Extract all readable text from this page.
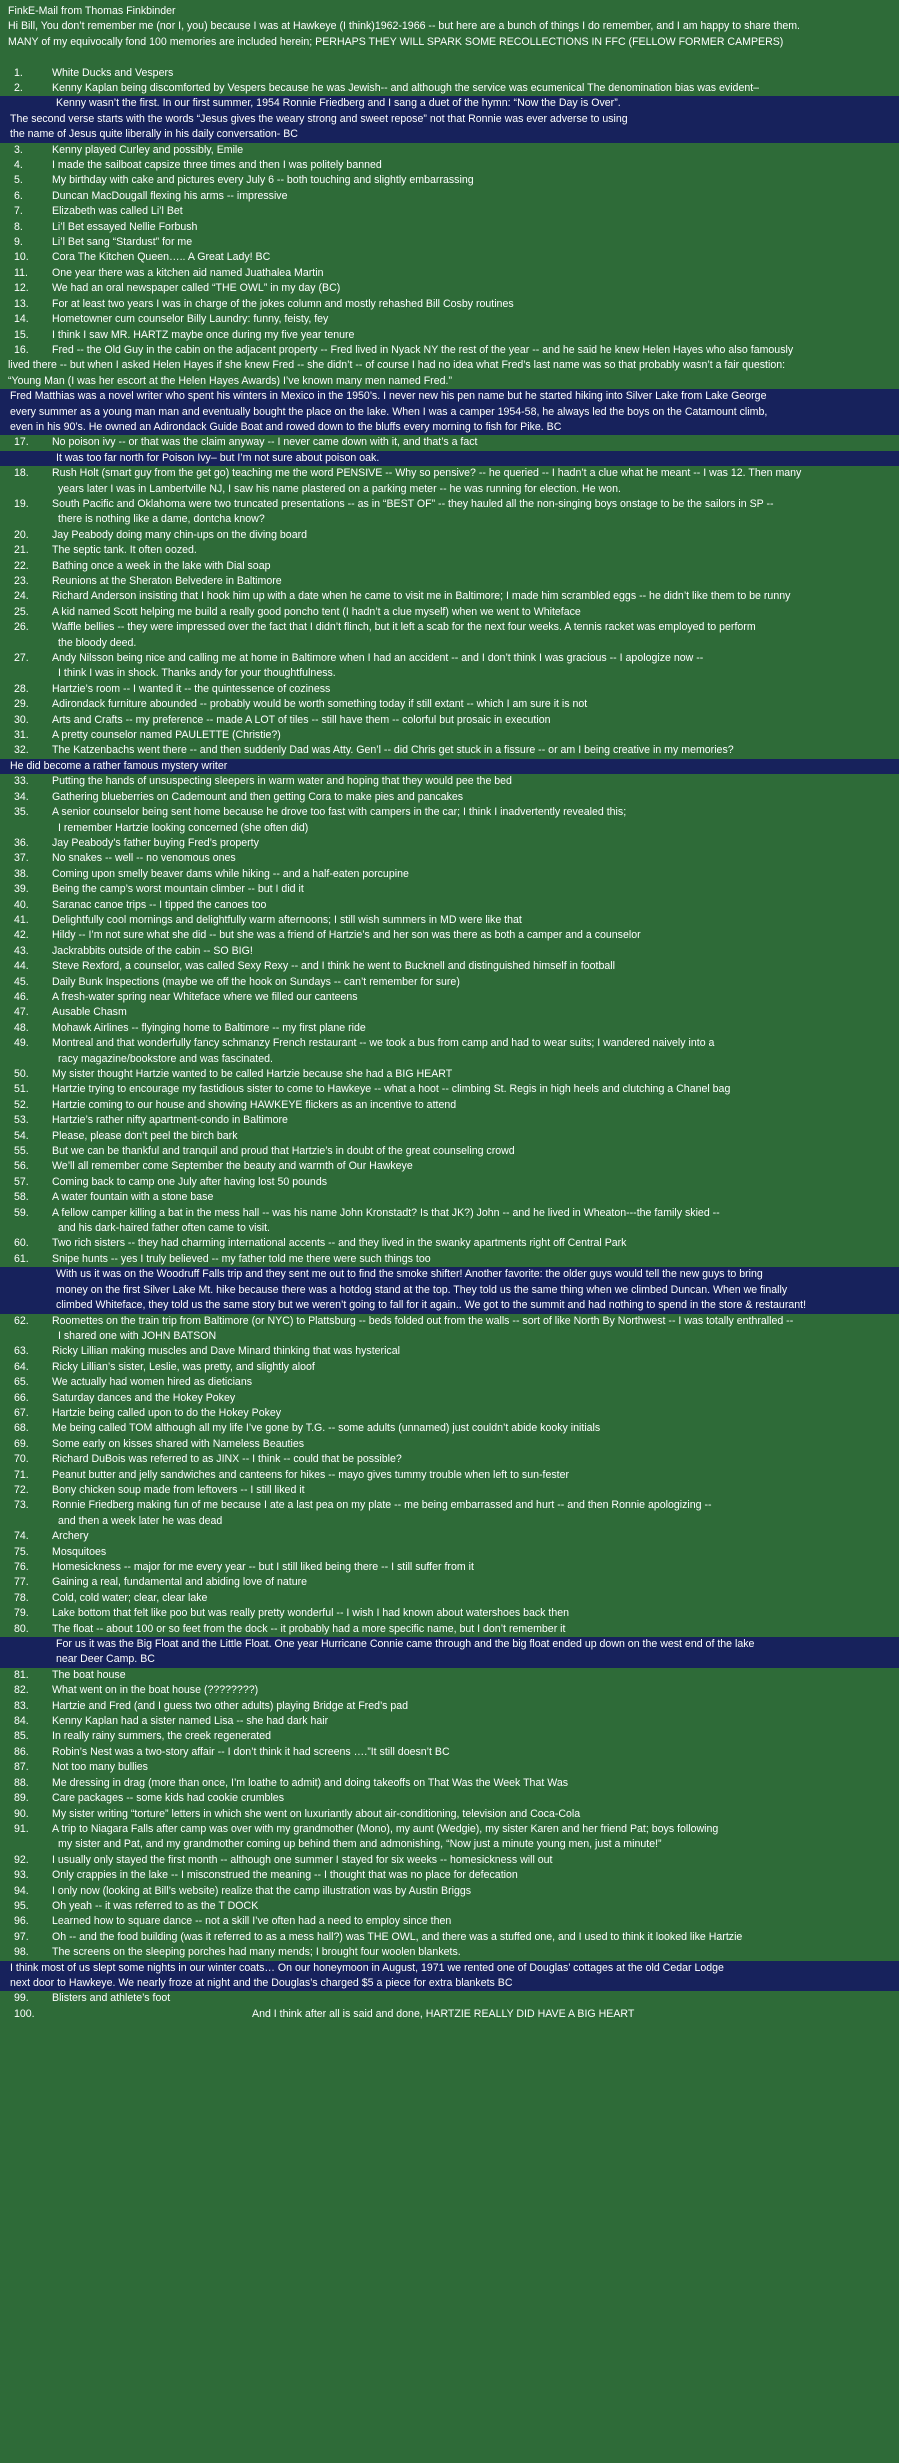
FinkE-Mail from Thomas Finkbinder
Hi Bill, You don’t remember me (nor I, you) because I was at Hawkeye (I think)1962-1966 -- but here are a bunch of things I do remember, and I am happy to share them.
MANY of my equivocally fond 100 memories are included herein; PERHAPS THEY WILL SPARK SOME RECOLLECTIONS IN FFC (FELLOW FORMER CAMPERS)
1.	White Ducks and Vespers
2.	Kenny Kaplan being discomforted by Vespers because he was Jewish-- and although the service was ecumenical The denomination bias was evident–
Kenny wasn’t the first. In our first summer, 1954 Ronnie Friedberg and I sang a duet of the hymn: “Now the Day is Over”.
The second verse starts with the words “Jesus gives the weary strong and sweet repose” not that Ronnie was ever adverse to using
the name of Jesus quite liberally in his daily conversation- BC
3.	Kenny played Curley and possibly, Emile
4.	I made the sailboat capsize three times and then I was politely banned
5.	My birthday with cake and pictures every July 6 -- both touching and slightly embarrassing
6.	Duncan MacDougall flexing his arms -- impressive
7.	Elizabeth was called Li’l Bet
8.	Li’l Bet essayed Nellie Forbush
9.	Li’l Bet sang “Stardust” for me
10.	Cora The Kitchen Queen….. A Great Lady! BC
11.	One year there was a kitchen aid named Juathalea Martin
12.	We had an oral newspaper called “THE OWL” in my day (BC)
13.	For at least two years I was in charge of the jokes column and mostly rehashed Bill Cosby routines
14.	Hometowner cum counselor Billy Laundry: funny, feisty, fey
15.	I think I saw MR. HARTZ maybe once during my five year tenure
16.	Fred -- the Old Guy in the cabin on the adjacent property -- Fred lived in Nyack NY the rest of the year -- and he said he knew Helen Hayes who also famously
lived there -- but when I asked Helen Hayes if she knew Fred -- she didn’t -- of course I had no idea what Fred’s last name was so that probably wasn’t a fair question:
“Young Man (I was her escort at the Helen Hayes Awards) I’ve known many men named Fred.”
Fred Matthias was a novel writer who spent his winters in Mexico in the 1950’s. I never new his pen name but he started hiking into Silver Lake from Lake George
every summer as a young man man and eventually bought the place on the lake. When I was a camper 1954-58, he always led the boys on the Catamount climb,
even in his 90’s. He owned an Adirondack Guide Boat and rowed down to the bluffs every morning to fish for Pike. BC
17.	No poison ivy -- or that was the claim anyway -- I never came down with it, and that’s a fact
It was too far north for Poison Ivy– but I’m not sure about poison oak.
18.	Rush Holt (smart guy from the get go) teaching me the word PENSIVE -- Why so pensive? -- he queried -- I hadn’t a clue what he meant -- I was 12. Then many
years later I was in Lambertville NJ, I saw his name plastered on a parking meter -- he was running for election. He won.
19.	South Pacific and Oklahoma were two truncated presentations -- as in “BEST OF” -- they hauled all the non-singing boys onstage to be the sailors in SP --
there is nothing like a dame, dontcha know?
20.	Jay Peabody doing many chin-ups on the diving board
21.	The septic tank. It often oozed.
22.	Bathing once a week in the lake with Dial soap
23.	Reunions at the Sheraton Belvedere in Baltimore
24.	Richard Anderson insisting that I hook him up with a date when he came to visit me in Baltimore; I made him scrambled eggs -- he didn’t like them to be runny
25.	A kid named Scott helping me build a really good poncho tent (I hadn’t a clue myself) when we went to Whiteface
26.	Waffle bellies -- they were impressed over the fact that I didn’t flinch, but it left a scab for the next four weeks. A tennis racket was employed to perform
the bloody deed.
27.	Andy Nilsson being nice and calling me at home in Baltimore when I had an accident -- and I don’t think I was gracious -- I apologize now --
I think I was in shock. Thanks andy for your thoughtfulness.
28.	Hartzie’s room -- I wanted it -- the quintessence of coziness
29.	Adirondack furniture abounded -- probably would be worth something today if still extant -- which I am sure it is not
30.	Arts and Crafts -- my preference -- made A LOT of tiles -- still have them -- colorful but prosaic in execution
31.	A pretty counselor named PAULETTE (Christie?)
32.	The Katzenbachs went there -- and then suddenly Dad was Atty. Gen’l -- did Chris get stuck in a fissure -- or am I being creative in my memories?
He did become a rather famous mystery writer
33.	Putting the hands of unsuspecting sleepers in warm water and hoping that they would pee the bed
34.	Gathering blueberries on Cademount and then getting Cora to make pies and pancakes
35.	A senior counselor being sent home because he drove too fast with campers in the car; I think I inadvertently revealed this;
I remember Hartzie looking concerned (she often did)
36.	Jay Peabody’s father buying Fred’s property
37.	No snakes -- well -- no venomous ones
38.	Coming upon smelly beaver dams while hiking -- and a half-eaten porcupine
39.	Being the camp’s worst mountain climber -- but I did it
40.	Saranac canoe trips -- I tipped the canoes too
41.	Delightfully cool mornings and delightfully warm afternoons; I still wish summers in MD were like that
42.	Hildy -- I’m not sure what she did -- but she was a friend of Hartzie’s and her son was there as both a camper and a counselor
43.	Jackrabbits outside of the cabin -- SO BIG!
44.	Steve Rexford, a counselor, was called Sexy Rexy -- and I think he went to Bucknell and distinguished himself in football
45.	Daily Bunk Inspections (maybe we off the hook on Sundays -- can’t remember for sure)
46.	A fresh-water spring near Whiteface where we filled our canteens
47.	Ausable Chasm
48.	Mohawk Airlines -- flyinging home to Baltimore -- my first plane ride
49.	Montreal and that wonderfully fancy schmanzy French restaurant -- we took a bus from camp and had to wear suits; I wandered naively into a
racy magazine/bookstore and was fascinated.
50.	My sister thought Hartzie wanted to be called Hartzie because she had a BIG HEART
51.	Hartzie trying to encourage my fastidious sister to come to Hawkeye -- what a hoot -- climbing St. Regis in high heels and clutching a Chanel bag
52.	Hartzie coming to our house and showing HAWKEYE flickers as an incentive to attend
53.	Hartzie’s rather nifty apartment-condo in Baltimore
54.	Please, please don’t peel the birch bark
55.	But we can be thankful and tranquil and proud that Hartzie’s in doubt of the great counseling crowd
56.	We’ll all remember come September the beauty and warmth of Our Hawkeye
57.	Coming back to camp one July after having lost 50 pounds
58.	A water fountain with a stone base
59.	A fellow camper killing a bat in the mess hall -- was his name John Kronstadt? Is that JK?) John -- and he lived in Wheaton---the family skied --
and his dark-haired father often came to visit.
60.	Two rich sisters -- they had charming international accents -- and they lived in the swanky apartments right off Central Park
61.	Snipe hunts -- yes I truly believed -- my father told me there were such things too
With us it was on the Woodruff Falls trip and they sent me out to find the smoke shifter! Another favorite: the older guys would tell the new guys to bring
money on the first Silver Lake Mt. hike because there was a hotdog stand at the top. They told us the same thing when we climbed Duncan. When we finally
climbed Whiteface, they told us the same story but we weren’t going to fall for it again.. We got to the summit and had nothing to spend in the store & restaurant!
62.	Roomettes on the train trip from Baltimore (or NYC) to Plattsburg -- beds folded out from the walls -- sort of like North By Northwest -- I was totally enthralled --
I shared one with JOHN BATSON
63.	Ricky Lillian making muscles and Dave Minard thinking that was hysterical
64.	Ricky Lillian’s sister, Leslie, was pretty, and slightly aloof
65.	We actually had women hired as dieticians
66.	Saturday dances and the Hokey Pokey
67.	Hartzie being called upon to do the Hokey Pokey
68.	Me being called TOM although all my life I’ve gone by T.G. -- some adults (unnamed) just couldn’t abide kooky initials
69.	Some early on kisses shared with Nameless Beauties
70.	Richard DuBois was referred to as JINX -- I think -- could that be possible?
71.	Peanut butter and jelly sandwiches and canteens for hikes -- mayo gives tummy trouble when left to sun-fester
72.	Bony chicken soup made from leftovers -- I still liked it
73.	Ronnie Friedberg making fun of me because I ate a last pea on my plate -- me being embarrassed and hurt -- and then Ronnie apologizing --
and then a week later he was dead
74.	Archery
75.	Mosquitoes
76.	Homesickness -- major for me every year -- but I still liked being there -- I still suffer from it
77.	Gaining a real, fundamental and abiding love of nature
78.	Cold, cold water; clear, clear lake
79.	Lake bottom that felt like poo but was really pretty wonderful -- I wish I had known about watershoes back then
80.	The float -- about 100 or so feet from the dock -- it probably had a more specific name, but I don’t remember it
For us it was the Big Float and the Little Float. One year Hurricane Connie came through and the big float ended up down on the west end of the lake
near Deer Camp. BC
81.	The boat house
82.	What went on in the boat house (????????)
83.	Hartzie and Fred (and I guess two other adults) playing Bridge at Fred’s pad
84.	Kenny Kaplan had a sister named Lisa -- she had dark hair
85.	In really rainy summers, the creek regenerated
86.	Robin’s Nest was a two-story affair -- I don’t think it had screens ….”It still doesn’t BC
87.	Not too many bullies
88.	Me dressing in drag (more than once, I’m loathe to admit) and doing takeoffs on That Was the Week That Was
89.	Care packages -- some kids had cookie crumbles
90.	My sister writing “torture” letters in which she went on luxuriantly about air-conditioning, television and Coca-Cola
91.	A trip to Niagara Falls after camp was over with my grandmother (Mono), my aunt (Wedgie), my sister Karen and her friend Pat; boys following
my sister and Pat, and my grandmother coming up behind them and admonishing, “Now just a minute young men, just a minute!”
92.	I usually only stayed the first month -- although one summer I stayed for six weeks -- homesickness will out
93.	Only crappies in the lake -- I misconstrued the meaning -- I thought that was no place for defecation
94.	I only now (looking at Bill’s website) realize that the camp illustration was by Austin Briggs
95.	Oh yeah -- it was referred to as the T DOCK
96.	Learned how to square dance -- not a skill I’ve often had a need to employ since then
97.	Oh -- and the food building (was it referred to as a mess hall?) was THE OWL, and there was a stuffed one, and I used to think it looked like Hartzie
98.	The screens on the sleeping porches had many mends; I brought four woolen blankets.
I think most of us slept some nights in our winter coats… On our honeymoon in August, 1971 we rented one of Douglas’ cottages at the old Cedar Lodge
next door to Hawkeye. We nearly froze at night and the Douglas’s charged $5 a piece for extra blankets BC
99.	Blisters and athlete’s foot
100.	And I think after all is said and done, HARTZIE REALLY DID HAVE A BIG HEART
